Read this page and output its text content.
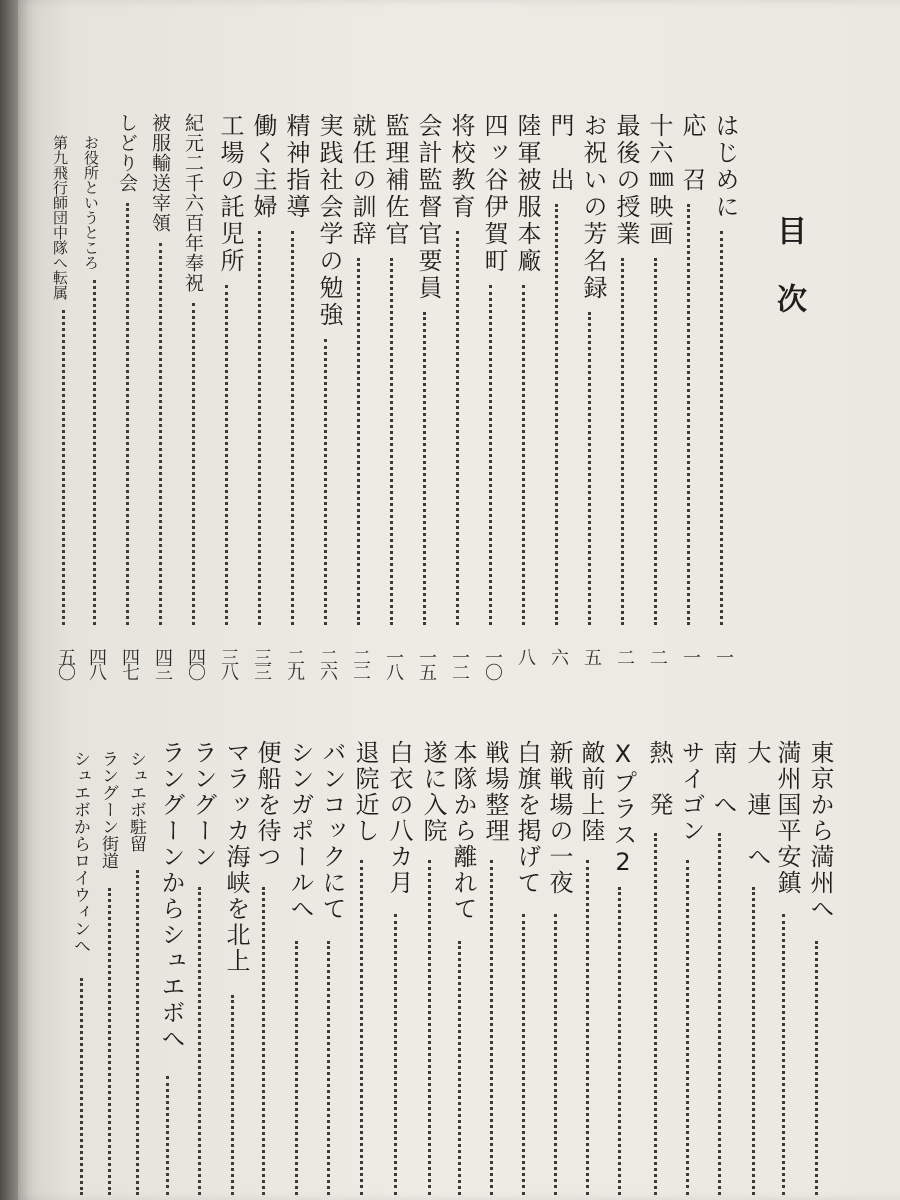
目　次
はじめに
一
応　召
一
十六㎜映画
二
最後の授業
二
お祝いの芳名録
五
門　出
六
陸軍被服本廠
八
四ッ谷伊賀町
一〇
将校教育
一二
会計監督官要員
一五
監理補佐官
一八
就任の訓辞
二二
実践社会学の勉強
二六
精神指導
二九
働く主婦
三三
工場の託児所
三八
紀元二千六百年奉祝
四〇
被服輸送宰領
四三
しどり会
四七
お役所というところ
四八
第九飛行師団中隊へ転属
五〇
東京から満州へ
満州国平安鎮
大　連　へ
南　へ
サイゴン
熱　発
Xプラス2
敵前上陸
新戦場の一夜
白旗を掲げて
戦場整理
本隊から離れて
遂に入院
白衣の八カ月
退院近し
バンコックにて
シンガポールへ
便船を待つ
マラッカ海峡を北上
ラングーン
ラングーンからシュエボへ
シュエボ駐留
ラングーン街道
シュエボからロイウィンへ
